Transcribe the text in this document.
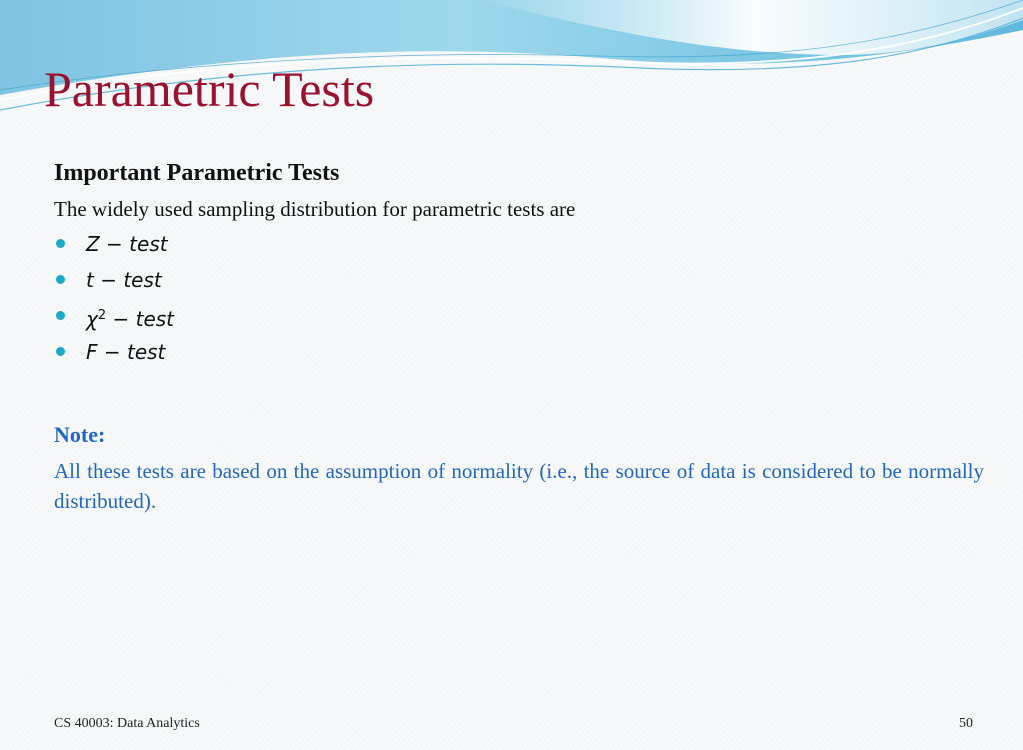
Parametric Tests

Important Parametric Tests

The widely used sampling distribution for parametric tests are

Z − test
t − test
$\chi^2$ − test
F − test

Note:

All these tests are based on the assumption of normality (i.e., the source of data is considered to be normally distributed).

CS 40003: Data Analytics	50
